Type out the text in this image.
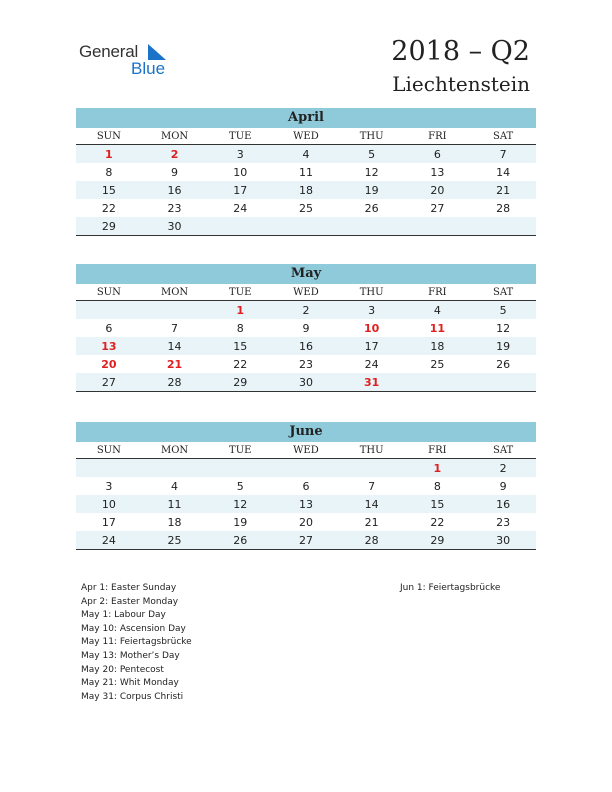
General
Blue
2018 – Q2
Liechtenstein
April
SUN	MON	TUE	WED	THU	FRI	SAT
1	2	3	4	5	6	7
8	9	10	11	12	13	14
15	16	17	18	19	20	21
22	23	24	25	26	27	28
29	30					
May
SUN	MON	TUE	WED	THU	FRI	SAT
		1	2	3	4	5
6	7	8	9	10	11	12
13	14	15	16	17	18	19
20	21	22	23	24	25	26
27	28	29	30	31		
June
SUN	MON	TUE	WED	THU	FRI	SAT
					1	2
3	4	5	6	7	8	9
10	11	12	13	14	15	16
17	18	19	20	21	22	23
24	25	26	27	28	29	30
Apr 1: Easter Sunday
Apr 2: Easter Monday
May 1: Labour Day
May 10: Ascension Day
May 11: Feiertagsbrücke
May 13: Mother’s Day
May 20: Pentecost
May 21: Whit Monday
May 31: Corpus Christi
Jun 1: Feiertagsbrücke
